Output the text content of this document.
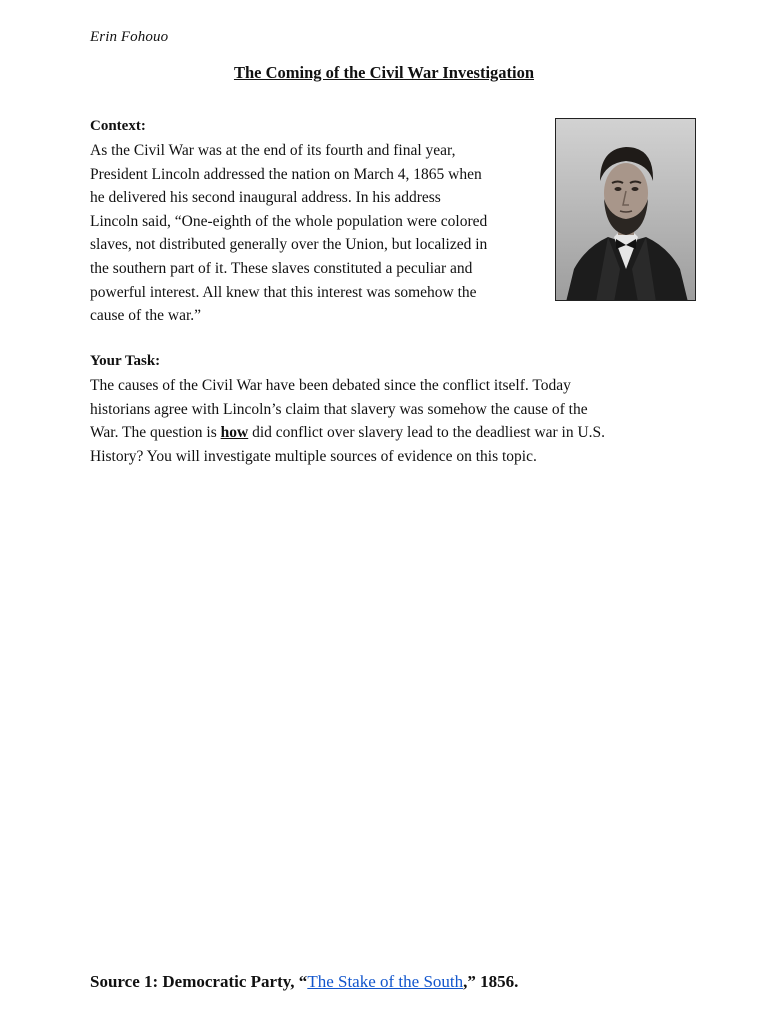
Erin Fohouo
The Coming of the Civil War Investigation
Context:
As the Civil War was at the end of its fourth and final year,
President Lincoln addressed the nation on March 4, 1865 when
he delivered his second inaugural address. In his address
Lincoln said, “One-eighth of the whole population were colored
slaves, not distributed generally over the Union, but localized in
the southern part of it. These slaves constituted a peculiar and
powerful interest. All knew that this interest was somehow the
cause of the war.”
Your Task:
The causes of the Civil War have been debated since the conflict itself. Today
historians agree with Lincoln’s claim that slavery was somehow the cause of the
War. The question is how did conflict over slavery lead to the deadliest war in U.S.
History? You will investigate multiple sources of evidence on this topic.
Source 1: Democratic Party, “The Stake of the South,” 1856.
